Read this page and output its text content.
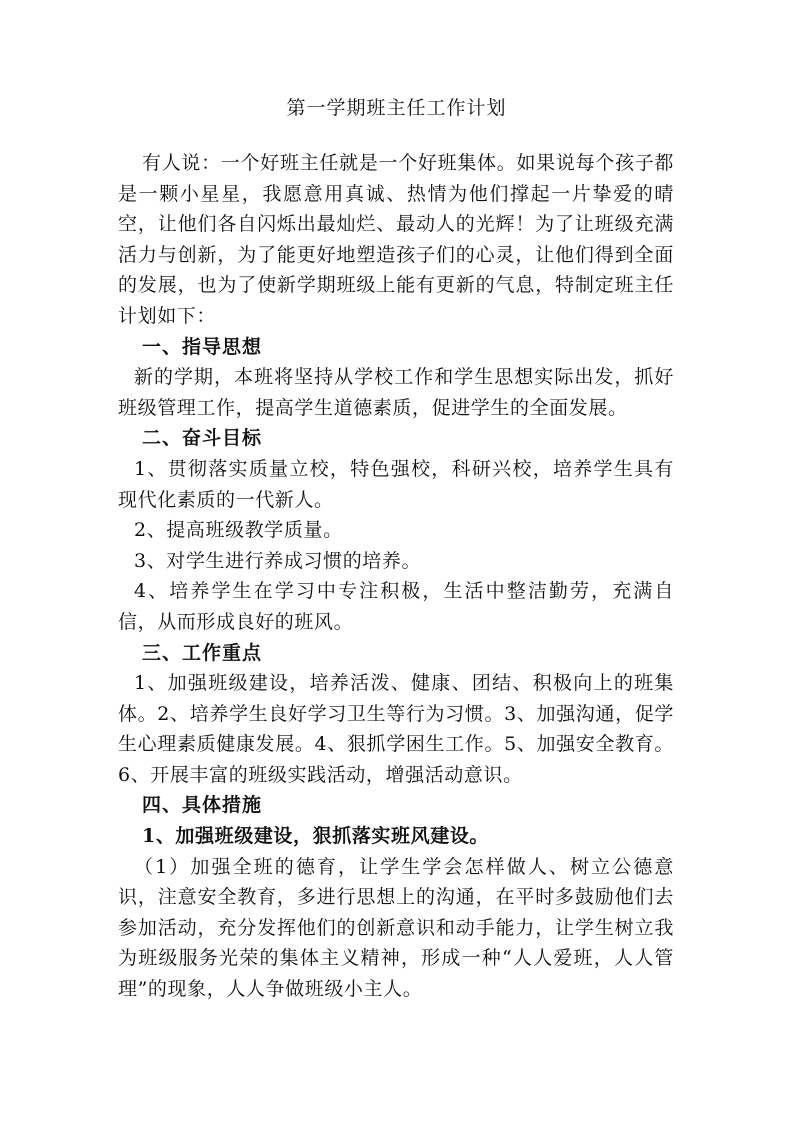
第一学期班主任工作计划

有人说：一个好班主任就是一个好班集体。如果说每个孩子都是一颗小星星，我愿意用真诚、热情为他们撑起一片挚爱的晴空，让他们各自闪烁出最灿烂、最动人的光辉！为了让班级充满活力与创新，为了能更好地塑造孩子们的心灵，让他们得到全面的发展，也为了使新学期班级上能有更新的气息，特制定班主任计划如下：

一、指导思想

新的学期，本班将坚持从学校工作和学生思想实际出发，抓好班级管理工作，提高学生道德素质，促进学生的全面发展。

二、奋斗目标

1、贯彻落实质量立校，特色强校，科研兴校，培养学生具有现代化素质的一代新人。

2、提高班级教学质量。

3、对学生进行养成习惯的培养。

4、培养学生在学习中专注积极，生活中整洁勤劳，充满自信，从而形成良好的班风。

三、工作重点

1、加强班级建设，培养活泼、健康、团结、积极向上的班集体。2、培养学生良好学习卫生等行为习惯。3、加强沟通，促学生心理素质健康发展。4、狠抓学困生工作。5、加强安全教育。6、开展丰富的班级实践活动，增强活动意识。

四、具体措施

1、加强班级建设，狠抓落实班风建设。

（1）加强全班的德育，让学生学会怎样做人、树立公德意识，注意安全教育，多进行思想上的沟通，在平时多鼓励他们去参加活动，充分发挥他们的创新意识和动手能力，让学生树立我为班级服务光荣的集体主义精神，形成一种“人人爱班，人人管理”的现象，人人争做班级小主人。
